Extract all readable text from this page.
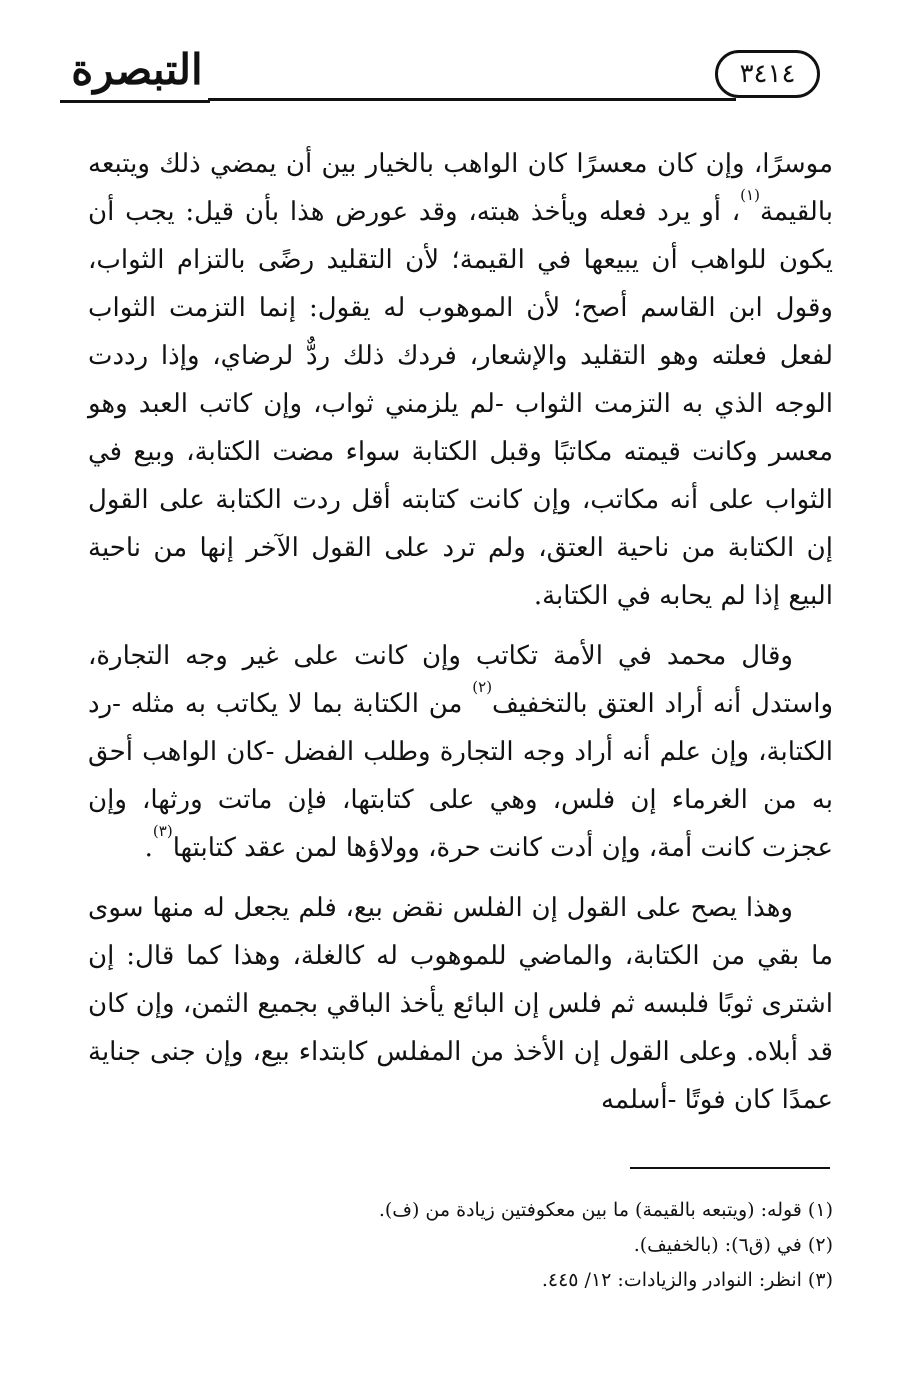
التبصرة	٣٤١٤

موسرًا، وإن كان معسرًا كان الواهب بالخيار بين أن يمضي ذلك ويتبعه بالقيمة$^{(١)}$، أو يرد فعله ويأخذ هبته، وقد عورض هذا بأن قيل: يجب أن يكون للواهب أن يبيعها في القيمة؛ لأن التقليد رضًى بالتزام الثواب، وقول ابن القاسم أصح؛ لأن الموهوب له يقول: إنما التزمت الثواب لفعل فعلته وهو التقليد والإشعار، فردك ذلك ردٌّ لرضاي، وإذا رددت الوجه الذي به التزمت الثواب -لم يلزمني ثواب، وإن كاتب العبد وهو معسر وكانت قيمته مكاتبًا وقبل الكتابة سواء مضت الكتابة، وبيع في الثواب على أنه مكاتب، وإن كانت كتابته أقل ردت الكتابة على القول إن الكتابة من ناحية العتق، ولم ترد على القول الآخر إنها من ناحية البيع إذا لم يحابه في الكتابة.

وقال محمد في الأمة تكاتب وإن كانت على غير وجه التجارة، واستدل أنه أراد العتق بالتخفيف$^{(٢)}$ من الكتابة بما لا يكاتب به مثله -رد الكتابة، وإن علم أنه أراد وجه التجارة وطلب الفضل -كان الواهب أحق به من الغرماء إن فلس، وهي على كتابتها، فإن ماتت ورثها، وإن عجزت كانت أمة، وإن أدت كانت حرة، وولاؤها لمن عقد كتابتها$^{(٣)}$.

وهذا يصح على القول إن الفلس نقض بيع، فلم يجعل له منها سوى ما بقي من الكتابة، والماضي للموهوب له كالغلة، وهذا كما قال: إن اشترى ثوبًا فلبسه ثم فلس إن البائع يأخذ الباقي بجميع الثمن، وإن كان قد أبلاه. وعلى القول إن الأخذ من المفلس كابتداء بيع، وإن جنى جناية عمدًا كان فوتًا -أسلمه

(١) قوله: (ويتبعه بالقيمة) ما بين معكوفتين زيادة من (ف).
(٢) في (ق٦): (بالخفيف).
(٣) انظر: النوادر والزيادات: ١٢/ ٤٤٥.
